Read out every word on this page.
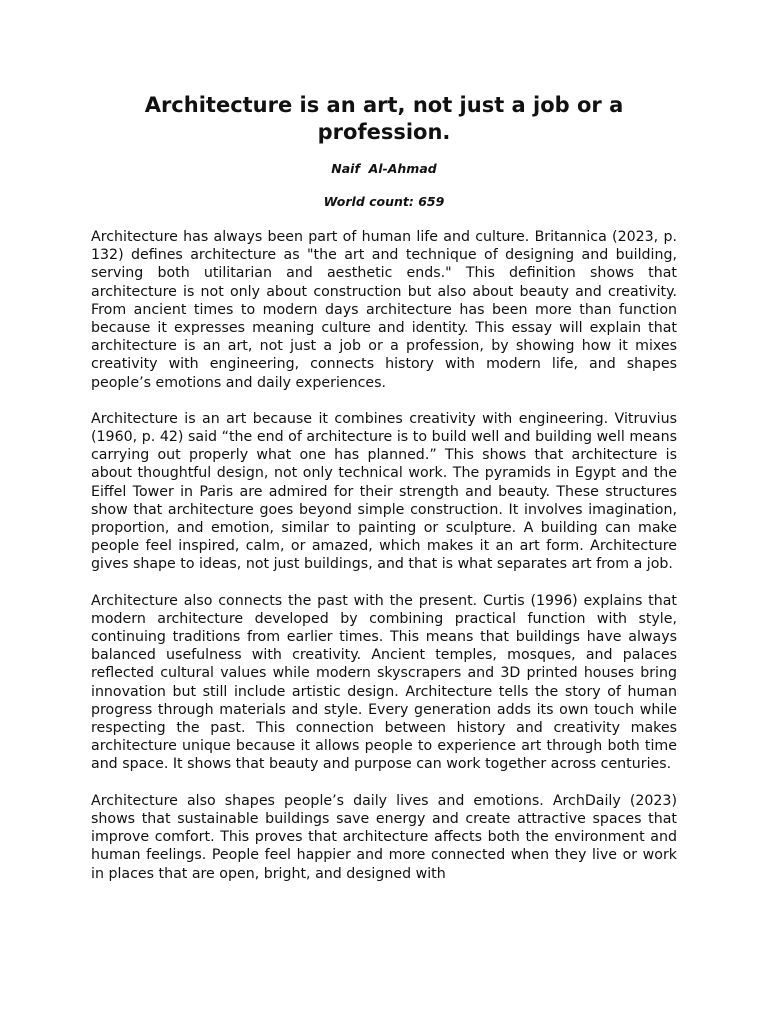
Architecture is an art, not just a job or a profession.

Naif  Al-Ahmad

World count: 659

Architecture has always been part of human life and culture. Britannica (2023, p. 132) defines architecture as "the art and technique of designing and building, serving both utilitarian and aesthetic ends." This definition shows that architecture is not only about construction but also about beauty and creativity. From ancient times to modern days architecture has been more than function because it expresses meaning culture and identity. This essay will explain that architecture is an art, not just a job or a profession, by showing how it mixes creativity with engineering, connects history with modern life, and shapes people’s emotions and daily experiences.

Architecture is an art because it combines creativity with engineering. Vitruvius (1960, p. 42) said “the end of architecture is to build well and building well means carrying out properly what one has planned.” This shows that architecture is about thoughtful design, not only technical work. The pyramids in Egypt and the Eiffel Tower in Paris are admired for their strength and beauty. These structures show that architecture goes beyond simple construction. It involves imagination, proportion, and emotion, similar to painting or sculpture. A building can make people feel inspired, calm, or amazed, which makes it an art form. Architecture gives shape to ideas, not just buildings, and that is what separates art from a job.

Architecture also connects the past with the present. Curtis (1996) explains that modern architecture developed by combining practical function with style, continuing traditions from earlier times. This means that buildings have always balanced usefulness with creativity. Ancient temples, mosques, and palaces reflected cultural values while modern skyscrapers and 3D printed houses bring innovation but still include artistic design. Architecture tells the story of human progress through materials and style. Every generation adds its own touch while respecting the past. This connection between history and creativity makes architecture unique because it allows people to experience art through both time and space. It shows that beauty and purpose can work together across centuries.

Architecture also shapes people’s daily lives and emotions. ArchDaily (2023) shows that sustainable buildings save energy and create attractive spaces that improve comfort. This proves that architecture affects both the environment and human feelings. People feel happier and more connected when they live or work in places that are open, bright, and designed with
